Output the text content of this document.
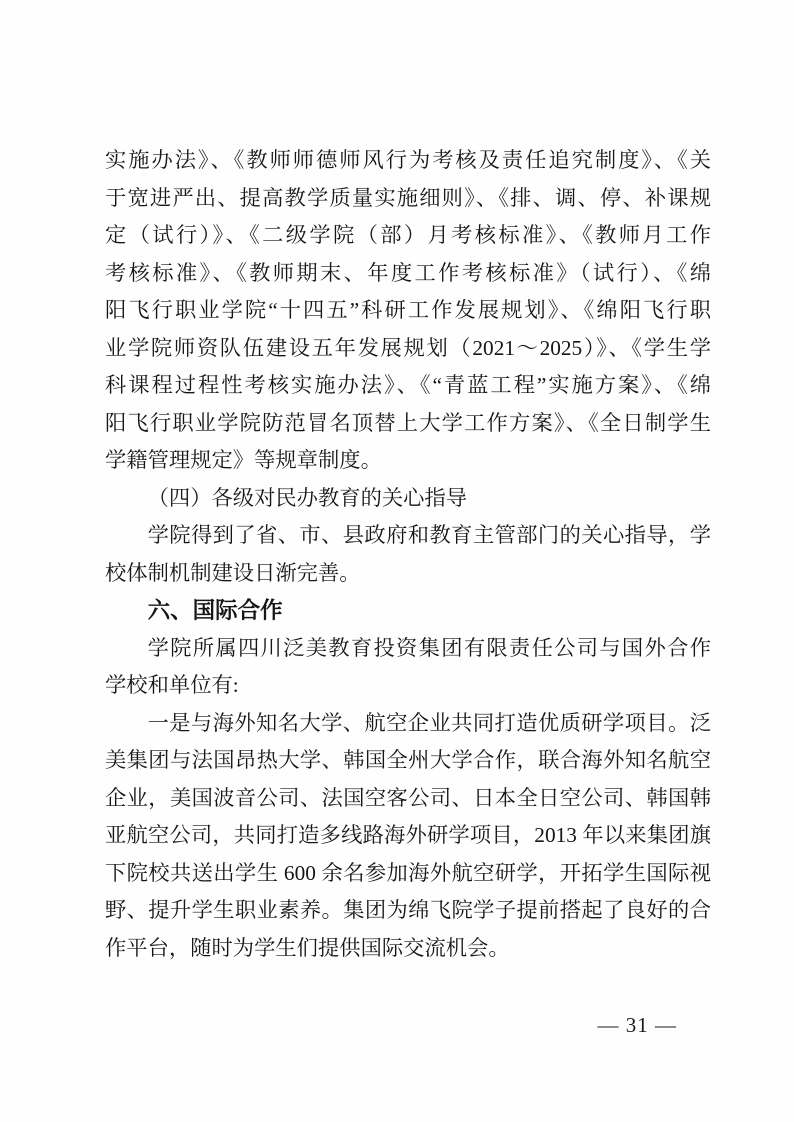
实施办法》、《教师师德师风行为考核及责任追究制度》、《关
于宽进严出、提高教学质量实施细则》、《排、调、停、补课规
定（试行）》、《二级学院（部）月考核标准》、《教师月工作
考核标准》、《教师期末、年度工作考核标准》（试行）、《绵
阳飞行职业学院“十四五”科研工作发展规划》、《绵阳飞行职
业学院师资队伍建设五年发展规划（2021～2025）》、《学生学
科课程过程性考核实施办法》、《“青蓝工程”实施方案》、《绵
阳飞行职业学院防范冒名顶替上大学工作方案》、《全日制学生
学籍管理规定》等规章制度。
（四）各级对民办教育的关心指导
学院得到了省、市、县政府和教育主管部门的关心指导，学
校体制机制建设日渐完善。
六、国际合作
学院所属四川泛美教育投资集团有限责任公司与国外合作
学校和单位有:
一是与海外知名大学、航空企业共同打造优质研学项目。泛
美集团与法国昂热大学、韩国全州大学合作，联合海外知名航空
企业，美国波音公司、法国空客公司、日本全日空公司、韩国韩
亚航空公司，共同打造多线路海外研学项目，2013 年以来集团旗
下院校共送出学生 600 余名参加海外航空研学，开拓学生国际视
野、提升学生职业素养。集团为绵飞院学子提前搭起了良好的合
作平台，随时为学生们提供国际交流机会。
— 31 —
